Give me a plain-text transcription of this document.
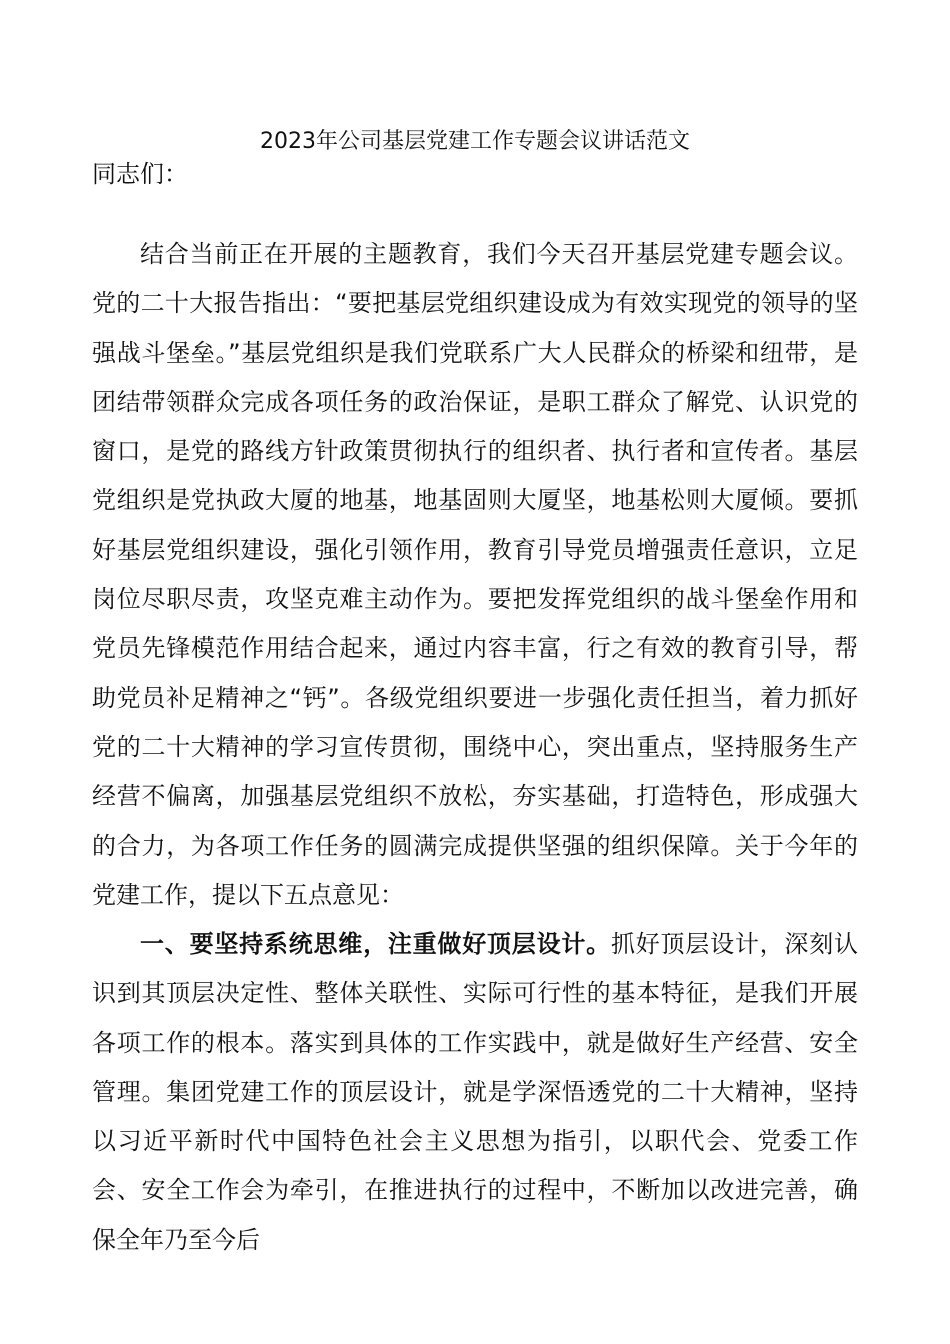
2023年公司基层党建工作专题会议讲话范文
同志们：

结合当前正在开展的主题教育，我们今天召开基层党建专题会议。党的二十大报告指出：“要把基层党组织建设成为有效实现党的领导的坚强战斗堡垒。”基层党组织是我们党联系广大人民群众的桥梁和纽带，是团结带领群众完成各项任务的政治保证，是职工群众了解党、认识党的窗口，是党的路线方针政策贯彻执行的组织者、执行者和宣传者。基层党组织是党执政大厦的地基，地基固则大厦坚，地基松则大厦倾。要抓好基层党组织建设，强化引领作用，教育引导党员增强责任意识，立足岗位尽职尽责，攻坚克难主动作为。要把发挥党组织的战斗堡垒作用和党员先锋模范作用结合起来，通过内容丰富，行之有效的教育引导，帮助党员补足精神之“钙”。各级党组织要进一步强化责任担当，着力抓好党的二十大精神的学习宣传贯彻，围绕中心，突出重点，坚持服务生产经营不偏离，加强基层党组织不放松，夯实基础，打造特色，形成强大的合力，为各项工作任务的圆满完成提供坚强的组织保障。关于今年的党建工作，提以下五点意见：

一、要坚持系统思维，注重做好顶层设计。抓好顶层设计，深刻认识到其顶层决定性、整体关联性、实际可行性的基本特征，是我们开展各项工作的根本。落实到具体的工作实践中，就是做好生产经营、安全管理。集团党建工作的顶层设计，就是学深悟透党的二十大精神，坚持以习近平新时代中国特色社会主义思想为指引，以职代会、党委工作会、安全工作会为牵引，在推进执行的过程中，不断加以改进完善，确保全年乃至今后
